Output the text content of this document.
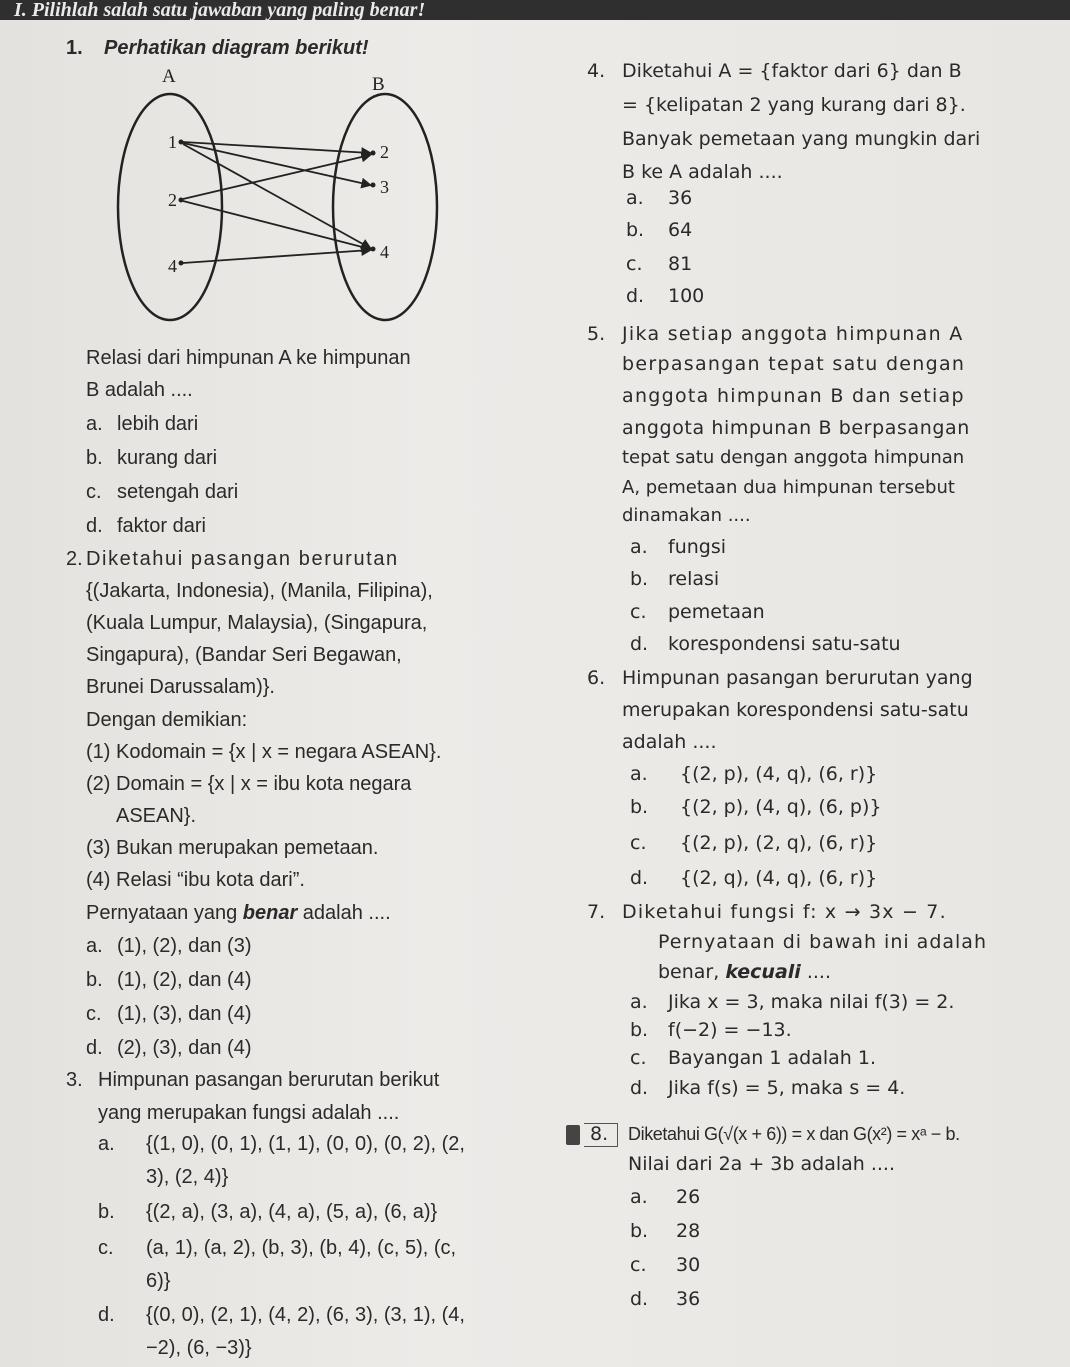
I. Pilihlah salah satu jawaban yang paling benar!
1. Perhatikan diagram berikut!
A	B
1
2
4
2
3
4
Relasi dari himpunan A ke himpunan
B adalah ....
a. lebih dari
b. kurang dari
c. setengah dari
d. faktor dari
2. Diketahui pasangan berurutan
{(Jakarta, Indonesia), (Manila, Filipina),
(Kuala Lumpur, Malaysia), (Singapura,
Singapura), (Bandar Seri Begawan,
Brunei Darussalam)}.
Dengan demikian:
(1) Kodomain = {x | x = negara ASEAN}.
(2) Domain = {x | x = ibu kota negara
ASEAN}.
(3) Bukan merupakan pemetaan.
(4) Relasi “ibu kota dari”.
Pernyataan yang benar adalah ....
a. (1), (2), dan (3)
b. (1), (2), dan (4)
c. (1), (3), dan (4)
d. (2), (3), dan (4)
3. Himpunan pasangan berurutan berikut
yang merupakan fungsi adalah ....
a. {(1, 0), (0, 1), (1, 1), (0, 0), (0, 2), (2,
3), (2, 4)}
b. {(2, a), (3, a), (4, a), (5, a), (6, a)}
c. (a, 1), (a, 2), (b, 3), (b, 4), (c, 5), (c,
6)}
d. {(0, 0), (2, 1), (4, 2), (6, 3), (3, 1), (4,
−2), (6, −3)}
4. Diketahui A = {faktor dari 6} dan B
= {kelipatan 2 yang kurang dari 8}.
Banyak pemetaan yang mungkin dari
B ke A adalah ....
a. 36
b. 64
c. 81
d. 100
5. Jika setiap anggota himpunan A
berpasangan tepat satu dengan
anggota himpunan B dan setiap
anggota himpunan B berpasangan
tepat satu dengan anggota himpunan
A, pemetaan dua himpunan tersebut
dinamakan ....
a. fungsi
b. relasi
c. pemetaan
d. korespondensi satu-satu
6. Himpunan pasangan berurutan yang
merupakan korespondensi satu-satu
adalah ....
a. {(2, p), (4, q), (6, r)}
b. {(2, p), (4, q), (6, p)}
c. {(2, p), (2, q), (6, r)}
d. {(2, q), (4, q), (6, r)}
7. Diketahui fungsi f: x → 3x − 7.
Pernyataan di bawah ini adalah
benar, kecuali ....
a. Jika x = 3, maka nilai f(3) = 2.
b. f(−2) = −13.
c. Bayangan 1 adalah 1.
d. Jika f(s) = 5, maka s = 4.
8. Diketahui G(√(x + 6)) = x dan G(x²) = xᵃ − b.
Nilai dari 2a + 3b adalah ....
a. 26
b. 28
c. 30
d. 36
